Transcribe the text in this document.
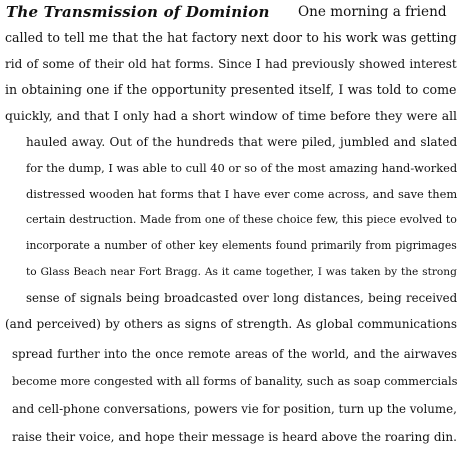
The Transmission of Dominion One morning a friend
called to tell me that the hat factory next door to his work was getting
rid of some of their old hat forms. Since I had previously showed interest
in obtaining one if the opportunity presented itself, I was told to come
quickly, and that I only had a short window of time before they were all
hauled away. Out of the hundreds that were piled, jumbled and slated
for the dump, I was able to cull 40 or so of the most amazing hand-worked
distressed wooden hat forms that I have ever come across, and save them
certain destruction. Made from one of these choice few, this piece evolved to
incorporate a number of other key elements found primarily from pigrimages
to Glass Beach near Fort Bragg. As it came together, I was taken by the strong
sense of signals being broadcasted over long distances, being received
(and perceived) by others as signs of strength. As global communications
spread further into the once remote areas of the world, and the airwaves
become more congested with all forms of banality, such as soap commercials
and cell-phone conversations, powers vie for position, turn up the volume,
raise their voice, and hope their message is heard above the roaring din.
